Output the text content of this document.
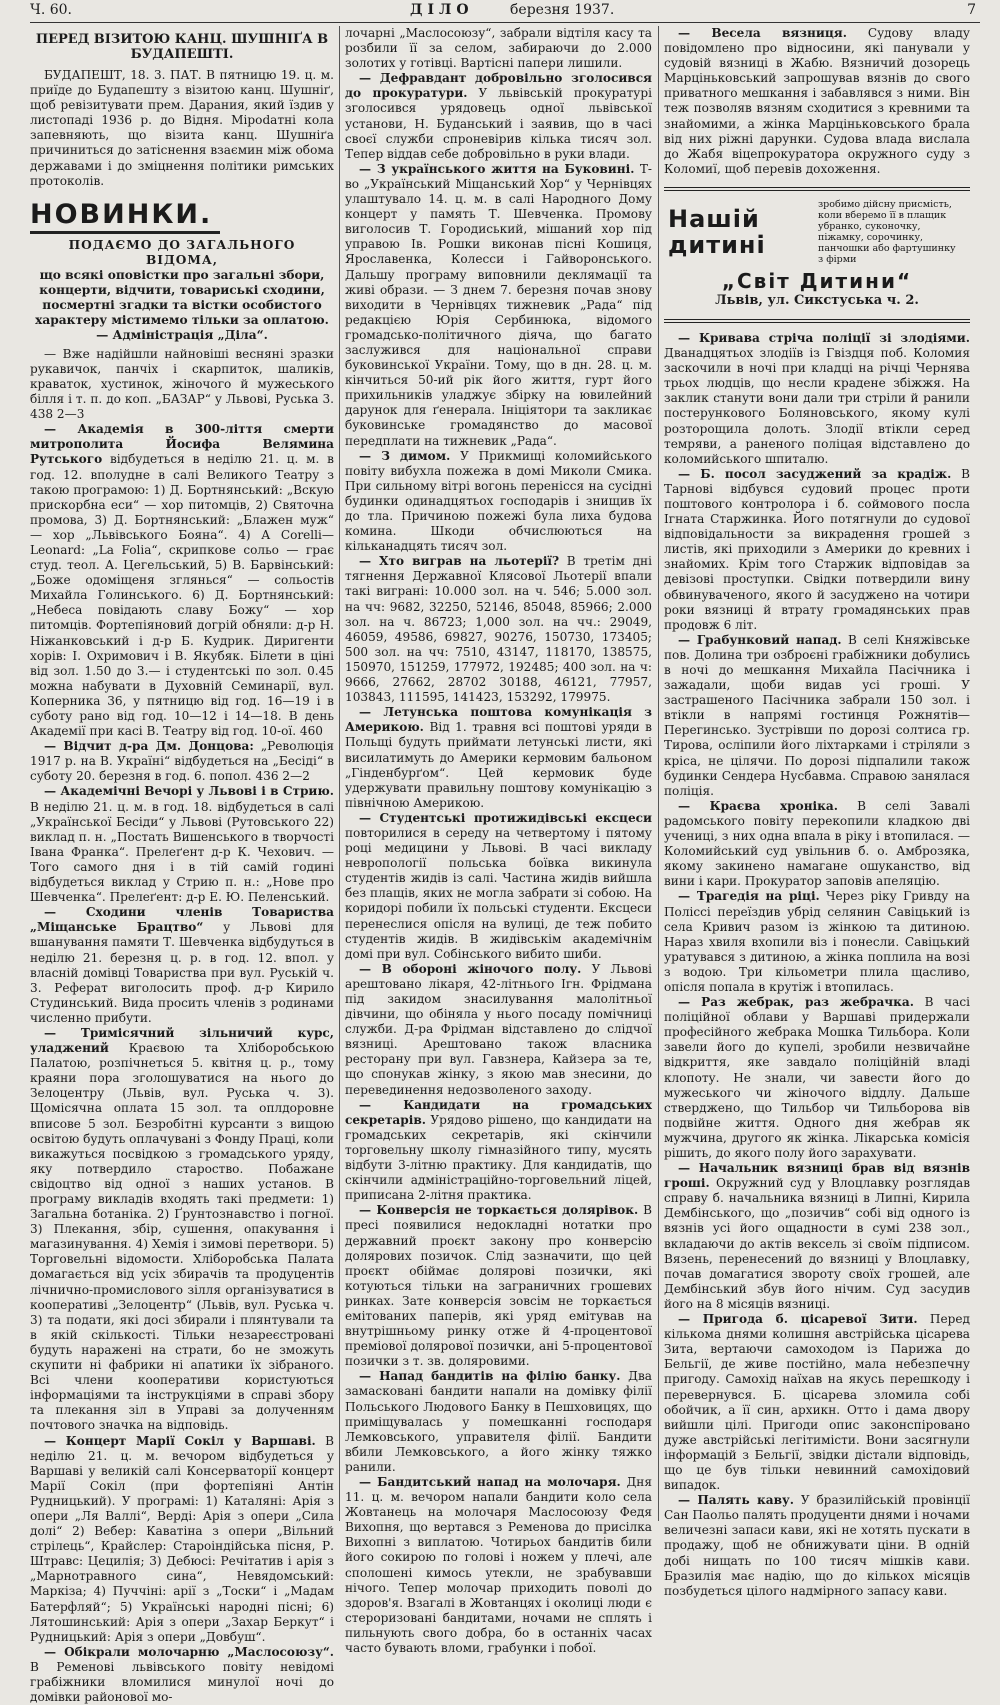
Ч. 60.	ДІЛО	березня 1937.	7
ПЕРЕД ВІЗИТОЮ КАНЦ. ШУШНІҐА В БУДАПЕШТІ.

БУДАПЕШТ, 18. 3. ПАТ. В пятницю 19. ц. м. приїде до Будапешту з візитою канц. Шушніґ, щоб ревізитувати прем. Дарания, який їздив у листопаді 1936 р. до Відня. Мірodатні кола запевняють, що візита канц. Шушніґа причиниться до затіснення взаємин між обома державами і до зміцнення політики римських протоколів.

НОВИНКИ.
ПОДАЄМО ДО ЗАГАЛЬНОГО ВІДОМА,
що всякі оповістки про загальні збори, концерти, відчити, товариські сходини, посмертні згадки та вістки особистого характеру містимемо тільки за оплатою. — Адміністрація „Діла“.

— Вже надійшли найновіші весняні зразки рукавичок, панчіх і скарпиток, шаликів, краваток, хустинок, жіночого й мужеського білля і т. п. до коп. „БАЗАР“ у Львові, Руська 3. 438 2—3

— Академія в 300-ліття смерти митрополита Йосифа Велямина Рутського відбудеться в неділю 21. ц. м. в год. 12. вполудне в салі Великого Театру з такою програмою: 1) Д. Бортнянський: „Вскую прискорбна еси“ — хор питомців, 2) Святочна промова, 3) Д. Бортнянський: „Блажен муж“ — хор „Львівського Бояна“. 4) A Corelli—Leonard: „La Folia“, скрипкове сольо — грає студ. теол. А. Цегельський, 5) В. Барвінський: „Боже одоміщеня зглянься“ — сольостів Михайла Голинського. 6) Д. Бортнянський: „Небеса повідають славу Божу“ — хор питомців. Фортепіяновий догрій обняли: д-р Н. Ніжанковський і д-р Б. Кудрик. Диригенти хорів: І. Охримович і В. Якубяк. Білети в ціні від зол. 1.50 до 3.— і студентські по зол. 0.45 можна набувати в Духовній Семинарії, вул. Коперника 36, у пятницю від год. 16—19 і в суботу рано від год. 10—12 і 14—18. В день Академії при касі В. Театру від год. 10-ої. 460

— Відчит д-ра Дм. Донцова: „Революція 1917 р. на В. Україні“ відбудеться на „Бесіді“ в суботу 20. березня в год. 6. попол. 436 2—2

— Академічні Вечорі у Львові і в Стрию. В неділю 21. ц. м. в год. 18. відбудеться в салі „Української Бесіди“ у Львові (Рутовського 22) виклад п. н. „Постать Вишенського в творчості Івана Франка“. Прелеґент д-р К. Чехович. — Того самого дня і в тій самій годині відбудеться виклад у Стрию п. н.: „Нове про Шевченка“. Прелеґент: д-р Е. Ю. Пеленський.

— Сходини членів Товариства „Міщанське Брацтво“ у Львові для вшанування памяти Т. Шевченка відбудуться в неділю 21. березня ц. р. в год. 12. впол. у власній домівці Товариства при вул. Руській ч. 3. Реферат виголосить проф. д-р Кирило Студинський. Вида просить членів з родинами численно прибути.

— Тримісячний зільничий курс, уладжений Краєвою та Хліборобською Палатою, розпічнеться 5. квітня ц. р., тому краяни пора зголошуватися на нього до Зелоцентру (Львів, вул. Руська ч. 3). Щомісячна оплата 15 зол. та оплдоровне вписове 5 зол. Безробітні курсанти з вищою освітою будуть оплачувані з Фонду Праці, коли викажуться посвідкою з громадського уряду, яку потвердило староство. Побажане свідоцтво від одної з наших установ. В програму викладів входять такі предмети: 1) Загальна ботаніка. 2) Ґрунтознавство і погної. 3) Плекання, збір, сушення, опакування і магазинування. 4) Хемія і зимові перетвори. 5) Торговельні відомости. Хліборобська Палата домагається від усіх збирачів та продуцентів лічнично-промислового зілля організуватися в кооперативі „Зелоцентр“ (Львів, вул. Руська ч. 3) та подати, які досі збирали і плянтували та в якій скількості. Тільки незареєстровані будуть наражені на страти, бо не зможуть скупити ні фабрики ні апатики їх зібраного. Всі члени кооперативи користуються інформаціями та інструкціями в справі збору та плекання зіл в Управі за долученням почтового значка на відповідь.

— Концерт Марії Сокіл у Варшаві. В неділю 21. ц. м. вечором відбудеться у Варшаві у великій салі Консерваторії концерт Марії Сокіл (при фортепіяні Антін Рудницький). У програмі: 1) Каталяні: Арія з опери „Ля Валлі“, Верді: Арія з опери „Сила долі“ 2) Вебер: Каватіна з опери „Вільний стрілець“, Крайслер: Староіндійська пісня, Р. Штравс: Цецилія; 3) Дебюсі: Речітатив і арія з „Марнотравного сина“, Невядомський: Маркіза; 4) Пуччіні: арії з „Тоски“ і „Мадам Батерфляй“; 5) Українські народні пісні; 6) Лятошинський: Арія з опери „Захар Беркут“ і Рудницький: Арія з опери „Довбуш“.

— Обікрали молочарню „Маслосоюзу“. В Ременові львівського повіту невідомі грабіжники вломилися минулої ночі до домівки районової мо-

лочарні „Маслосоюзу“, забрали відтіля касу та розбили її за селом, забираючи до 2.000 золотих у готівці. Вартісні папери лишили.

— Дефравдант добровільно зголосився до прокуратури. У львівській прокуратурі зголосився урядовець одної львівської установи, Н. Буданський і заявив, що в часі своєї служби спроневірив кілька тисяч зол. Тепер віддав себе добровільно в руки влади.

— З українського життя на Буковині. Т-во „Український Міщанський Хор“ у Чернівцях улаштувало 14. ц. м. в салі Народного Дому концерт у память Т. Шевченка. Промову виголосив Т. Городиський, мішаний хор під управою Ів. Рошки виконав пісні Кошиця, Ярославенка, Колесси і Гайворонського. Дальшу програму виповнили деклямації та живі образи. — З днем 7. березня почав знову виходити в Чернівцях тижневик „Рада“ під редакцією Юрія Сербинюка, відомого громадсько-політичного діяча, що багато заслужився для національної справи буковинської України. Тому, що в дн. 28. ц. м. кінчиться 50-ий рік його життя, гурт його прихильників уладжує збірку на ювилейний дарунок для ґенерала. Ініціятори та закликає буковинське громадянство до масової передплати на тижневик „Рада“.

— З димом. У Прикмищі коломийського повіту вибухла пожежа в домі Миколи Смика. При сильному вітрі вогонь перенісся на сусідні будинки одинадцятьох господарів і знищив їх до тла. Причиною пожежі була лиха будова комина. Шкоди обчислюються на кільканадцять тисяч зол.

— Хто виграв на льотерії? В третім дні тягнення Державної Клясової Льотерії впали такі виграні: 10.000 зол. на ч. 546; 5.000 зол. на чч: 9682, 32250, 52146, 85048, 85966; 2.000 зол. на ч. 86723; 1,000 зол. на чч.: 29049, 46059, 49586, 69827, 90276, 150730, 173405; 500 зол. на чч: 7510, 43147, 118170, 138575, 150970, 151259, 177972, 192485; 400 зол. на ч: 9666, 27662, 28702 30188, 46121, 77957, 103843, 111595, 141423, 153292, 179975.

— Летунська поштова комунікація з Америкою. Від 1. травня всі поштові уряди в Польщі будуть приймати летунські листи, які висилатимуть до Америки кермовим бальоном „Гінденбурґом“. Цей кермовик буде удержувати правильну поштову комунікацію з північною Америкою.

— Студентські протижидівські ексцеси повторилися в середу на четвертому і пятому році медицини у Львові. В часі викладу невропології польська боївка викинула студентів жидів із салі. Частина жидів вийшла без плащів, яких не могла забрати зі собою. На коридорі побили їх польські студенти. Ексцеси перенеслися опісля на вулиці, де теж побито студентів жидів. В жидівськім академічнім домі при вул. Собінського вибито шиби.

— В обороні жіночого полу. У Львові арештовано лікаря, 42-літнього Ігн. Фрідмана під закидом знасилування малолітньої дівчини, що обіняла у нього посаду помічниці служби. Д-ра Фрідман відставлено до слідчої вязниці. Арештовано також власника ресторану при вул. Гавзнера, Кайзера за те, що спонукав жінку, з якою мав знесини, до перевединення недозволеного заходу.

— Кандидати на громадських секретарів. Урядово рішено, що кандидати на громадських секретарів, які скінчили торговельну школу гімназійного типу, мусять відбути 3-літню практику. Для кандидатів, що скінчили адміністраційно-торговельний ліцей, приписана 2-літня практика.

— Конверсія не торкається долярівок. В пресі появилися недокладні нотатки про державний проєкт закону про конверсію долярових позичок. Слід зазначити, що цей проєкт обіймає долярові позички, які котуються тільки на заграничних грошевих ринках. Зате конверсія зовсім не торкається емітованих паперів, які уряд емітував на внутрішньому ринку отже й 4-процентової преміової долярової позички, ані 5-процентової позички з т. зв. доляровими.

— Напад бандитів на філію банку. Два замасковані бандити напали на домівку філії Польського Людового Банку в Пешховицях, що приміщувалась у помешканні господаря Лемковського, управителя філії. Бандити вбили Лемковського, а його жінку тяжко ранили.

— Бандитський напад на молочаря. Дня 11. ц. м. вечором напали бандити коло села Жовтанець на молочаря Маслосоюзу Федя Вихопня, що вертався з Ременова до присілка Вихопні з виплатою. Чотирьох бандитів били його сокирою по голові і ножем у плечі, але сполошені кимось утекли, не зрабувавши нічого. Тепер молочар приходить поволі до здоров'я. Взагалі в Жовтанцях і околиці люди є стероризовані бандитами, ночами не сплять і пильнують свого добра, бо в останніх часах часто бувають вломи, грабунки і побої.

— Весела вязниця. Судову владу повідомлено про відносини, які панували у судовій вязниці в Жабю. Вязничий дозорець Марціньковський запрошував вязнів до свого приватного мешкання і забавлявся з ними. Він теж позволяв вязням сходитися з кревними та знайомими, а жінка Марціньковського брала від них ріжні дарунки. Судова влада вислала до Жабя віцепрокуратора окружного суду з Коломиї, щоб перевів дохоження.

Нашій дитині
зробимо дійсну присмість, коли вберемо її в плащик убранко, суконочку, піжамку, сорочинку, панчошки або фартушинку з фірми
„Світ Дитини“
Львів, ул. Сикстуська ч. 2.

— Кривава стріча поліції зі злодіями. Дванадцятьох злодіїв із Гвіздця поб. Коломия заскочили в ночі при кладці на річці Чернява трьох людців, що несли крадене збіжжя. На заклик станути вони дали три стріли й ранили постерункового Боляновського, якому кулі розторощила долоть. Злодії втікли серед темряви, а раненого поліцая відставлено до коломийського шпиталю.

— Б. посол засуджений за крадіж. В Тарнові відбувся судовий процес проти поштового контролора і б. соймового посла Ігната Старжинка. Його потягнули до судової відповідальности за викрадення грошей з листів, які приходили з Америки до кревних і знайомих. Крім того Старжик відповідав за девізові проступки. Свідки потвердили вину обвинуваченого, якого й засуджено на чотири роки вязниці й втрату громадянських прав продовж 6 літ.

— Грабунковий напад. В селі Княжівське пов. Долина три озброєні грабіжники добулись в ночі до мешкання Михайла Пасічника і зажадали, щоби видав усі гроші. У застрашеного Пасічника забрали 150 зол. і втікли в напрямі гостинця Рожнятів—Перегинсько. Зустрівши по дорозі солтиса гр. Тирова, осліпили його ліхтарками і стріляли з кріса, не цілячи. По дорозі підпалили також будинки Сендера Нусбавма. Справою занялася поліція.

— Краєва хроніка. В селі Завалі радомського повіту перекопили кладкою дві ученицi, з них одна впала в ріку і втопилася. — Коломийський суд увільнив б. о. Амброзяка, якому закинено намагане ошуканство, від вини і кари. Прокуратор заповів апеляцію.

— Трагедія на ріці. Через ріку Гривду на Поліссі переїздив убрід селянин Савіцький із села Кривич разом із жінкою та дитиною. Нараз хвиля вхопили віз і понесли. Савіцький уратувався з дитиною, а жінка поплила на возі з водою. Три кільометри плила щасливо, опісля попала в крутіж і втопилась.

— Раз жебрак, раз жебрачка. В часі поліційної облави у Варшаві придержали професійного жебрака Мошка Тильбора. Коли завели його до купелі, зробили незвичайне відкриття, яке завдало поліційній владі клопоту. Не знали, чи завести його до мужеського чи жіночого віддлу. Дальше стверджено, що Тильбор чи Тильборова вів подвійне життя. Одного дня жебрав як мужчина, другого як жінка. Лікарська комісія рішить, до якого полу його зарахувати.

— Начальник вязниці брав від вязнів гроші. Окружний суд у Влоцлавку розглядав справу б. начальника вязниці в Липні, Кирила Дембінського, що „позичив“ собі від одного із вязнів усі його ощадности в сумі 238 зол., вкладаючи до актів вексель зі своїм підписом. Вязень, перенесений до вязниці у Влоцлавку, почав домагатися звороту своїх грошей, але Дембінський збув його нічим. Суд засудив його на 8 місяців вязниці.

— Пригода б. цісаревої Зити. Перед кількома днями колишня австрійська цісарева Зита, вертаючи самоходом із Парижа до Бельгії, де живе постійно, мала небезпечну пригоду. Самохід наїхав на якусь перешкоду і перевернувся. Б. цісарева зломила собі обойчик, а її син, архикн. Отто і дама двору вийшли цілі. Пригоди опис законспіровано дуже австрійські легітимісти. Вони засягнули інформацій з Бельгії, звідки дістали відповідь, що це був тільки невинний самохідовий випадок.

— Палять каву. У бразилійській провінції Сан Паольо палять продуценти днями і ночами величезні запаси кави, які не хотять пускати в продажу, щоб не обнижувати ціни. В одній добі нищать по 100 тисяч мішків кави. Бразилія має надію, що до кількох місяців позбудеться цілого надмірного запасу кави.
